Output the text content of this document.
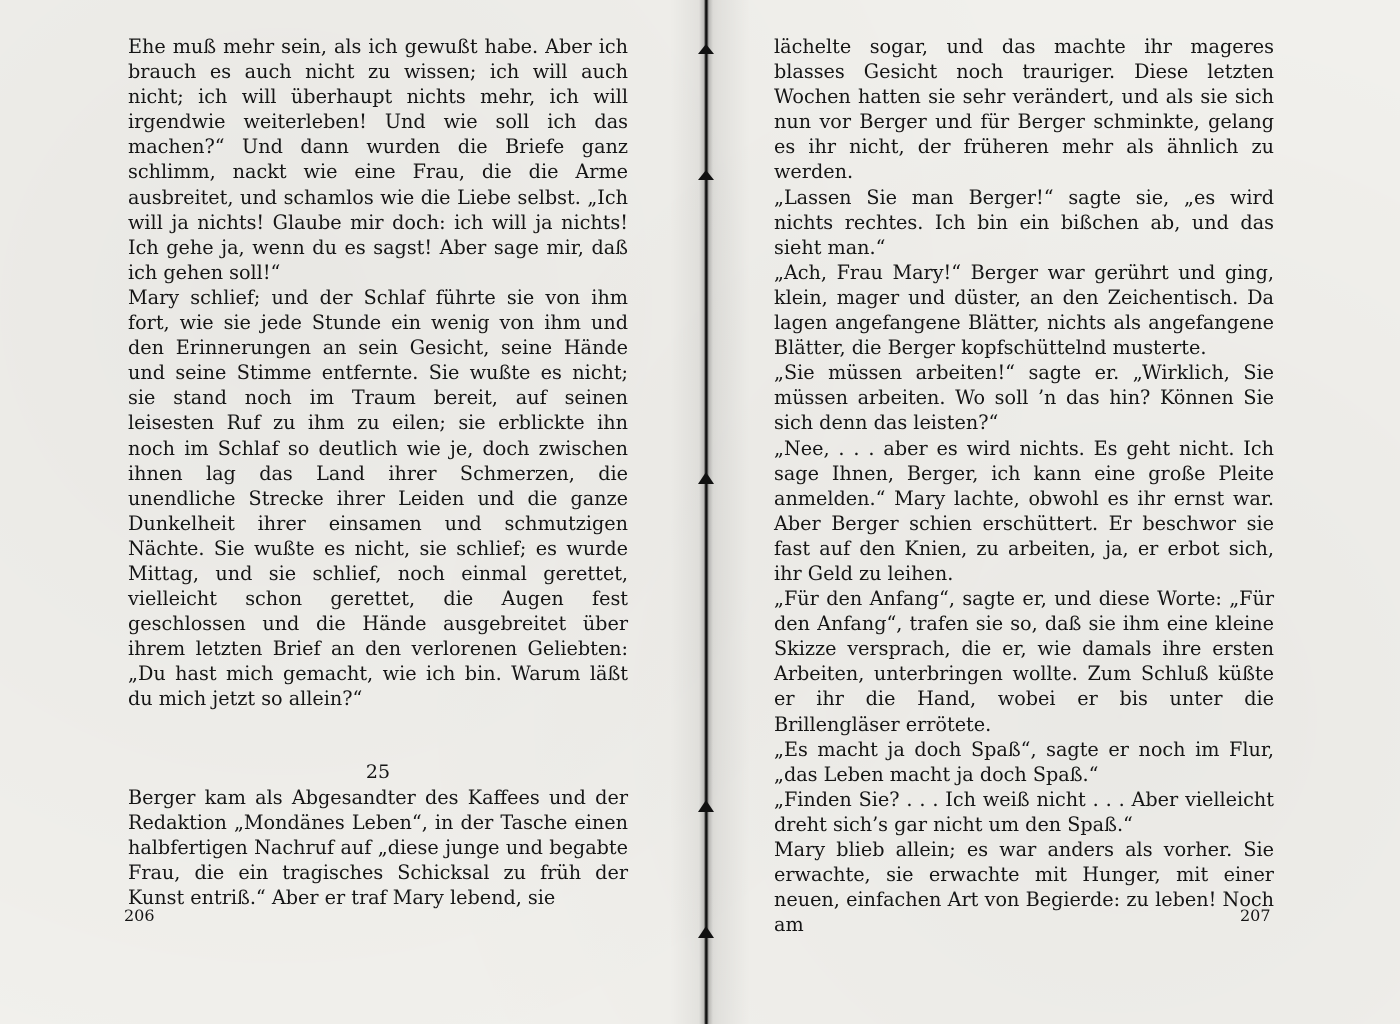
Ehe muß mehr sein, als ich gewußt habe. Aber ich brauch es auch nicht zu wissen; ich will auch nicht; ich will überhaupt nichts mehr, ich will irgendwie weiterleben! Und wie soll ich das machen?“ Und dann wurden die Briefe ganz schlimm, nackt wie eine Frau, die die Arme ausbreitet, und schamlos wie die Liebe selbst. „Ich will ja nichts! Glaube mir doch: ich will ja nichts! Ich gehe ja, wenn du es sagst! Aber sage mir, daß ich gehen soll!“

Mary schlief; und der Schlaf führte sie von ihm fort, wie sie jede Stunde ein wenig von ihm und den Erinnerungen an sein Gesicht, seine Hände und seine Stimme entfernte. Sie wußte es nicht; sie stand noch im Traum bereit, auf seinen leisesten Ruf zu ihm zu eilen; sie erblickte ihn noch im Schlaf so deutlich wie je, doch zwischen ihnen lag das Land ihrer Schmerzen, die unendliche Strecke ihrer Leiden und die ganze Dunkelheit ihrer einsamen und schmutzigen Nächte. Sie wußte es nicht, sie schlief; es wurde Mittag, und sie schlief, noch einmal gerettet, vielleicht schon gerettet, die Augen fest geschlossen und die Hände ausgebreitet über ihrem letzten Brief an den verlorenen Geliebten: „Du hast mich gemacht, wie ich bin. Warum läßt du mich jetzt so allein?“

25

Berger kam als Abgesandter des Kaffees und der Redaktion „Mondänes Leben“, in der Tasche einen halbfertigen Nachruf auf „diese junge und begabte Frau, die ein tragisches Schicksal zu früh der Kunst entriß.“ Aber er traf Mary lebend, sie

206

lächelte sogar, und das machte ihr mageres blasses Gesicht noch trauriger. Diese letzten Wochen hatten sie sehr verändert, und als sie sich nun vor Berger und für Berger schminkte, gelang es ihr nicht, der früheren mehr als ähnlich zu werden.

„Lassen Sie man Berger!“ sagte sie, „es wird nichts rechtes. Ich bin ein bißchen ab, und das sieht man.“

„Ach, Frau Mary!“ Berger war gerührt und ging, klein, mager und düster, an den Zeichentisch. Da lagen angefangene Blätter, nichts als angefangene Blätter, die Berger kopfschüttelnd musterte.

„Sie müssen arbeiten!“ sagte er. „Wirklich, Sie müssen arbeiten. Wo soll ’n das hin? Können Sie sich denn das leisten?“

„Nee, . . . aber es wird nichts. Es geht nicht. Ich sage Ihnen, Berger, ich kann eine große Pleite anmelden.“ Mary lachte, obwohl es ihr ernst war. Aber Berger schien erschüttert. Er beschwor sie fast auf den Knien, zu arbeiten, ja, er erbot sich, ihr Geld zu leihen.

„Für den Anfang“, sagte er, und diese Worte: „Für den Anfang“, trafen sie so, daß sie ihm eine kleine Skizze versprach, die er, wie damals ihre ersten Arbeiten, unterbringen wollte. Zum Schluß küßte er ihr die Hand, wobei er bis unter die Brillengläser errötete.

„Es macht ja doch Spaß“, sagte er noch im Flur, „das Leben macht ja doch Spaß.“

„Finden Sie? . . . Ich weiß nicht . . . Aber vielleicht dreht sich’s gar nicht um den Spaß.“

Mary blieb allein; es war anders als vorher. Sie erwachte, sie erwachte mit Hunger, mit einer neuen, einfachen Art von Begierde: zu leben! Noch am	207
